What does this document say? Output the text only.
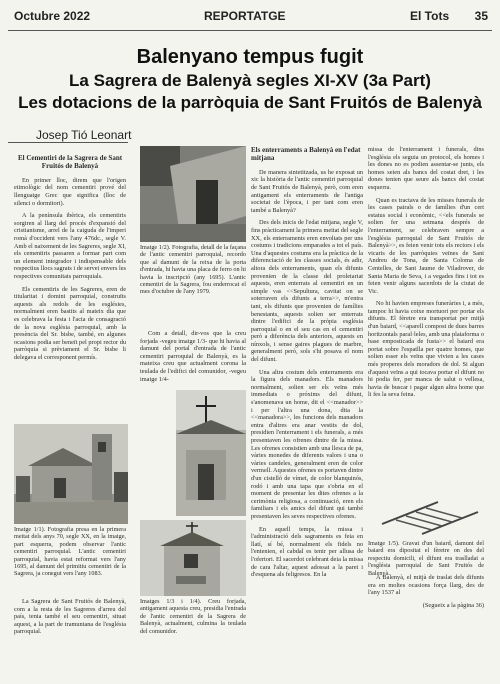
Octubre 2022	REPORTATGE	El Tots 35
Balenyano tempus fugit
La Sagrera de Balenyà segles XI-XV (3a Part)
Les dotacions de la parròquia de Sant Fruitós de Balenyà
Josep Tió Leonart
El Cementiri de la Sagrera de Sant Fruitós de Balenyà

En primer lloc, direm que l'origen etimològic del nom cementiri prové del llenguatge Grec que significa (lloc de silenci o dormitori).

A la península ibèrica, els cementiris sorgiren al llarg del procés d'expansió del cristianisme, arrel de la caiguda de l'imperi romà d'occident vers l'any 476dc., segle V. Amb el naixement de les Sagreres, segle XI, els cementiris passaren a formar part com un element integrador i indispensable dels respectius llocs sagrats i de servei envers les respectives comunitats parroquials.

Els cementiris de les Sagreres, eren de titularitat i domini parroquial, construïts aquests als redols de les esglésies, normalment eren bastits al mateix dia que es celebrava la festa i l'acta de consagració de la nova església parroquial, amb la presència del Sr. bisbe, també, en algunes ocasions podia ser beneït pel propi rector du parròquia si prèviament el Sr. bisbe li delegava el corresponent permís.

Imatge 1/1). Fotografia presa en la primera meitat dels anys 70, segle XX, en la imatge, part esquerra, podem observar l'antic cementiri parroquial. L'antic cementiri parroquial, havia estat reformat vers l'any 1695, al damunt del primitiu cementiri de la Sagrera, ja conegut vers l'any 1083.

La Sagrera de Sant Fruitós de Balenyà, com a la resta de les Sagreres d'arreu del país, tenia també el seu cementiri, situat aquest, a la part de tramuntana de l'església parroquial.

Imatge 1/2). Fotografia, detall de la façana de l'antic cementiri parroquial, recordo que al damunt de la reixa de la porta d'entrada, hi havia una placa de ferro on hi havia la inscripció (any 1695). L'antic cementiri de la Sagrera, fou enderrocat el mes d'octubre de l'any 1979.

Com a detall, dir-vos que la creu forjada -vegeu imatge 1/3- que hi havia al damunt del portal d'entrada de l'antic cementiri parroquial de Balenyà, es la mateixa creu que actualment corona la teulada de l'edifici del comunidor, -vegeu imatge 1/4-

Imatges 1/3 i 1/4). Creu forjada, antigament aquesta creu, presidia l'entrada de l'antic cementiri de la Sagrera de Balenyà, actualment, culmina la teulada del comunidor.
Els enterraments a Balenyà en l'edat mitjana

De manera sintetitzada, us he exposat un xic la història de l'antic cementiri parroquial de Sant Fruitós de Balenyà, però, com eren antigament els enterraments de l'antiga societat de l'època, i per tant com eren també a Balenyà?

Des dels inicis de l'edat mitjana, segle V, fins pràcticament la primera meitat del segle XX, els enterraments eren envoltats per uns costums i tradicions emparades a tot el país. Una d'aquestes costums era la pràctica de la diferenciació de les classes socials, és adir, altora dels enterraments, quan els difunts provenien de la classe del proletariat aquests, eren enterrats al cementiri en un simple vas <<Sepultura, cavitat on se soterraven els difunts a terra>>, m'entra tant, els difunts que provenien de famílies benestants, aquests solien ser enterrats dintre l'edifici de la pròpia església parroquial o en el seu cas en el cementiri però a diferència dels anteriors, aquests en nínxols, i sense gaires plagues de marbre, generalment però, sols s'hi posava el nom del difunt.

Una altra costum dels enterraments era la figura dels manadors. Els manadors normalment, solien ser els veïns més immediats o próxims del difunt, s'anomenava un home, dit el <<manador>> i per l'altra una dona, dita la <<manadora>>, les funcions dels manadors entra d'altres era anar vestits de dol, presidien l'enterrament i els funerals, a més presentaven les ofrenes dintre de la missa. Les ofrenes consistien amb una llesca de pa, vàries monedes de diferents valors i una o vàries candeles, generalment eren de color vermell. Aquestes ofrenes es portaven dintre d'un cistelló de vímet, de color blanquinós, rodó i amb una tapa que s'obria en el moment de presentar les dites ofrenes a la cerimònia religiosa, a continuació, eren els familiars i els amics del difunt qui també presentaven les seves respectives ofrenes.

En aquell temps, la missa i l'administració dels sagraments es feia en llatí, sí bé, normalment els fidels no l'entenien, el cabdal es tenir per allusa de l'ofertori. El sacerdot celebrant deia la missa de cara l'altar, aquest adossat a la paret i d'esquena als feligresos. En la

missa de l'enterrament i funerals, dins l'església els seguia un protocol, els homes i les dones no es podien assentar-se junts, els homes seien als bancs del costat dret, i les dones tenien que seure als bancs del costat esquerra.

Quan es tractava de les misses funerals de les cases pairals o de famílies d'un cert estatus social i econòmic, <<els funerals se solien fer una setmana després de l'enterrament, se celebraven sempre a l'església parroquial de Sant Fruitós de Balenyà>>, es feien venir tots els rectors i els vicaris de les parròquies veïnes de Sant Andreu de Tona, de Santa Coloma de Centelles, de Sant Jaume de Viladrover, de Santa Maria de Seva, i a vegades fins i tot es feien venir alguns sacerdots de la ciutat de Vic.

No hi havien empreses funeràries i, a més, tampoc hi havia cotxe mortuori per portar els difunts. El fèretre era transportat per mitjà d'un baiard, <<aparell compost de dues barres horitzontals paral·leles, amb una plataforma o base emposticada de fusta>> el baiard era portat sobre l'espatlla per quatre homes, que solien esser els veïns que vivien a les cases més properes dels moradors de dol. Si algun d'aquest veïns a qui tocava portar el difunt no hi podia fer, per manca de salut o vellesa, havia de buscar i pagar algun altra home que li fes la seva feina.

Imatge 1/5). Gravat d'un baiard, damunt del baiard era dipositat el fèretre on des del respectiu domicili, el difunt era traslladat a l'església parroquial de Sant Fruitós de Balenyà.

A Balenyà, el mitjà de traslat dels difunts era en moltes ocasions força llarg, des de l'any 1537 al

(Segueix a la pàgina 36)
